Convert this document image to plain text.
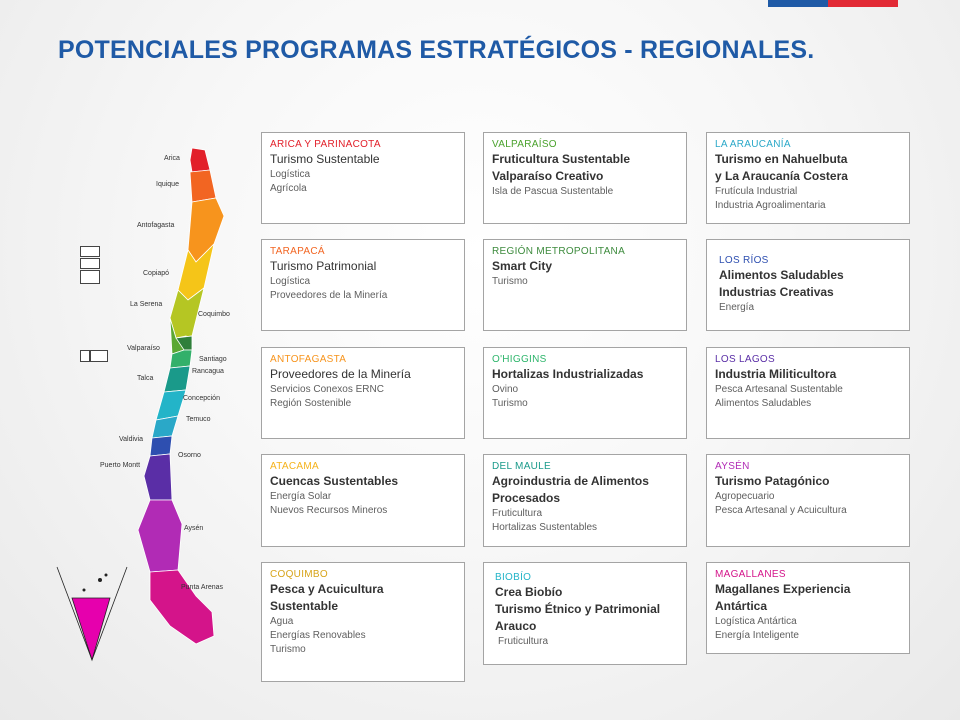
POTENCIALES PROGRAMAS ESTRATÉGICOS - REGIONALES.
Arica
Iquique
Antofagasta
Copiapó
La Serena
Coquimbo
Valparaíso
Santiago
Rancagua
Talca
Concepción
Temuco
Valdivia
Puerto Montt
Osorno
Aysén
Punta Arenas
ARICA Y PARINACOTA
Turismo Sustentable
Logística
Agrícola
TARAPACÁ
Turismo Patrimonial
Logística
Proveedores de la Minería
ANTOFAGASTA
Proveedores de la Minería
Servicios Conexos ERNC
Región Sostenible
ATACAMA
Cuencas Sustentables
Energía Solar
Nuevos Recursos Mineros
COQUIMBO
Pesca y Acuicultura
Sustentable
Agua
Energías Renovables
Turismo
VALPARAÍSO
Fruticultura Sustentable
Valparaíso Creativo
Isla de Pascua Sustentable
REGIÓN METROPOLITANA
Smart City
Turismo
O'HIGGINS
Hortalizas Industrializadas
Ovino
Turismo
DEL MAULE
Agroindustria de Alimentos
Procesados
Fruticultura
Hortalizas Sustentables
BIOBÍO
Crea Biobío
Turismo Étnico y Patrimonial
Arauco
Fruticultura
LA ARAUCANÍA
Turismo en Nahuelbuta
y La Araucanía Costera
Frutícula Industrial
Industria Agroalimentaria
LOS RÍOS
Alimentos Saludables
Industrias Creativas
Energía
LOS LAGOS
Industria Militicultora
Pesca Artesanal Sustentable
Alimentos Saludables
AYSÉN
Turismo Patagónico
Agropecuario
Pesca Artesanal y Acuicultura
MAGALLANES
Magallanes Experiencia
Antártica
Logística Antártica
Energía Inteligente
